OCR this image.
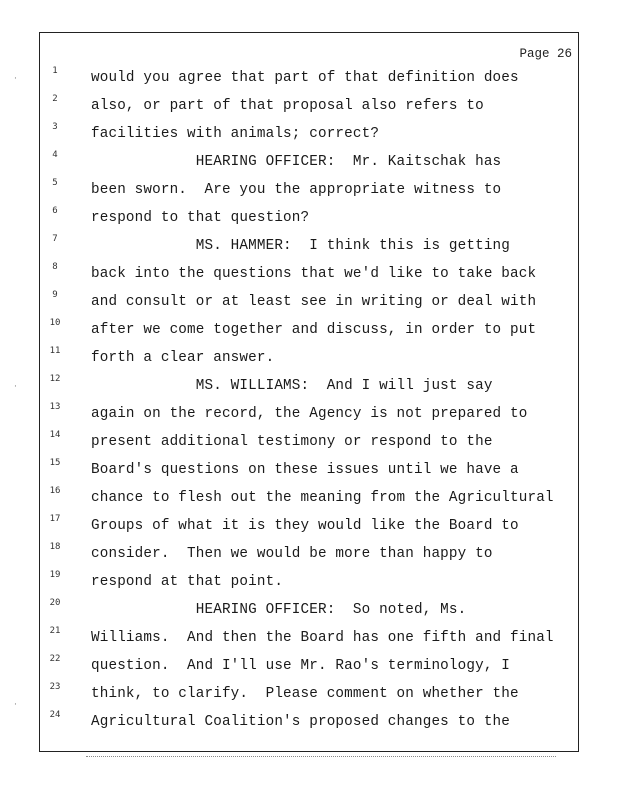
Page 26
·
·
·
1	would you agree that part of that definition does
2	also, or part of that proposal also refers to
3	facilities with animals; correct?
4	HEARING OFFICER:  Mr. Kaitschak has
5	been sworn.  Are you the appropriate witness to
6	respond to that question?
7	MS. HAMMER:  I think this is getting
8	back into the questions that we'd like to take back
9	and consult or at least see in writing or deal with
10	after we come together and discuss, in order to put
11	forth a clear answer.
12	MS. WILLIAMS:  And I will just say
13	again on the record, the Agency is not prepared to
14	present additional testimony or respond to the
15	Board's questions on these issues until we have a
16	chance to flesh out the meaning from the Agricultural
17	Groups of what it is they would like the Board to
18	consider.  Then we would be more than happy to
19	respond at that point.
20	HEARING OFFICER:  So noted, Ms.
21	Williams.  And then the Board has one fifth and final
22	question.  And I'll use Mr. Rao's terminology, I
23	think, to clarify.  Please comment on whether the
24	Agricultural Coalition's proposed changes to the
